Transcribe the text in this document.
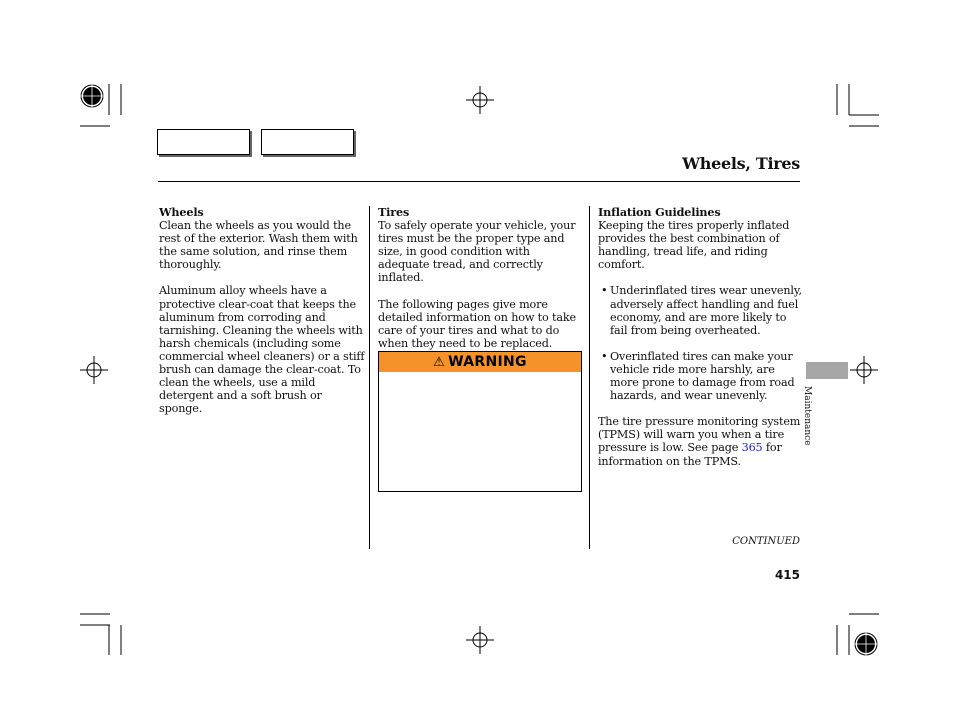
Wheels, Tires
Wheels

Clean the wheels as you would the rest of the exterior. Wash them with the same solution, and rinse them thoroughly.

Aluminum alloy wheels have a protective clear-coat that keeps the aluminum from corroding and tarnishing. Cleaning the wheels with harsh chemicals (including some commercial wheel cleaners) or a stiff brush can damage the clear-coat. To clean the wheels, use a mild detergent and a soft brush or sponge.

Tires

To safely operate your vehicle, your tires must be the proper type and size, in good condition with adequate tread, and correctly inflated.

The following pages give more detailed information on how to take care of your tires and what to do when they need to be replaced.

⚠ WARNING
Inflation Guidelines

Keeping the tires properly inflated provides the best combination of handling, tread life, and riding comfort.

• Underinflated tires wear unevenly, adversely affect handling and fuel economy, and are more likely to fail from being overheated.
• Overinflated tires can make your vehicle ride more harshly, are more prone to damage from road hazards, and wear unevenly.

The tire pressure monitoring system (TPMS) will warn you when a tire pressure is low. See page 365 for information on the TPMS.

Maintenance
CONTINUED
415
